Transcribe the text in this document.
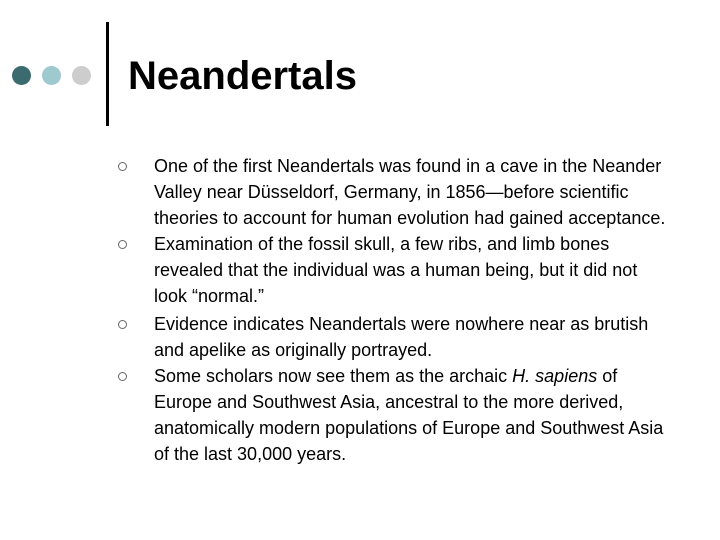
Neandertals
One of the first Neandertals was found in a cave in the Neander Valley near Düsseldorf, Germany, in 1856—before scientific theories to account for human evolution had gained acceptance.
Examination of the fossil skull, a few ribs, and limb bones revealed that the individual was a human being, but it did not look “normal.”
Evidence indicates Neandertals were nowhere near as brutish and apelike as originally portrayed.
Some scholars now see them as the archaic H. sapiens of Europe and Southwest Asia, ancestral to the more derived, anatomically modern populations of Europe and Southwest Asia of the last 30,000 years.
